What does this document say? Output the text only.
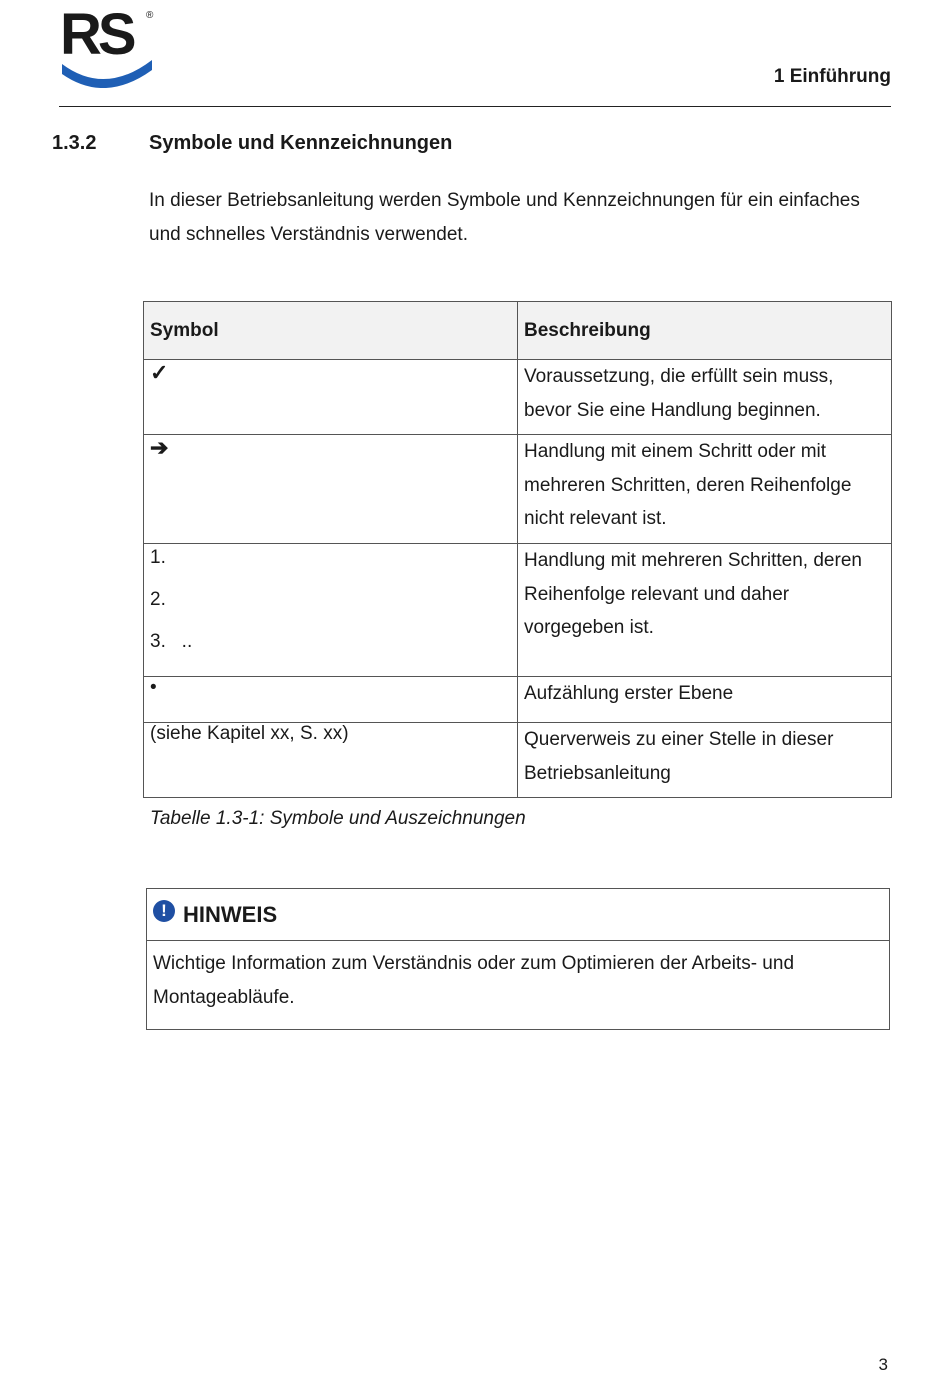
RS ®
1 Einführung
1.3.2	Symbole und Kennzeichnungen

In dieser Betriebsanleitung werden Symbole und Kennzeichnungen für ein einfaches und schnelles Verständnis verwendet.

Symbol	Beschreibung
✓	Voraussetzung, die erfüllt sein muss, bevor Sie eine Handlung beginnen.
➔	Handlung mit einem Schritt oder mit mehreren Schritten, deren Reihenfolge nicht relevant ist.

1.
2.
3.   ..	Handlung mit mehreren Schritten, deren Reihenfolge relevant und daher vorgegeben ist.
•	Aufzählung erster Ebene
(siehe Kapitel xx, S. xx)	Querverweis zu einer Stelle in dieser Betriebsanleitung
Tabelle 1.3-1: Symbole und Auszeichnungen
! HINWEIS
Wichtige Information zum Verständnis oder zum Optimieren der Arbeits- und Montageabläufe.
3
